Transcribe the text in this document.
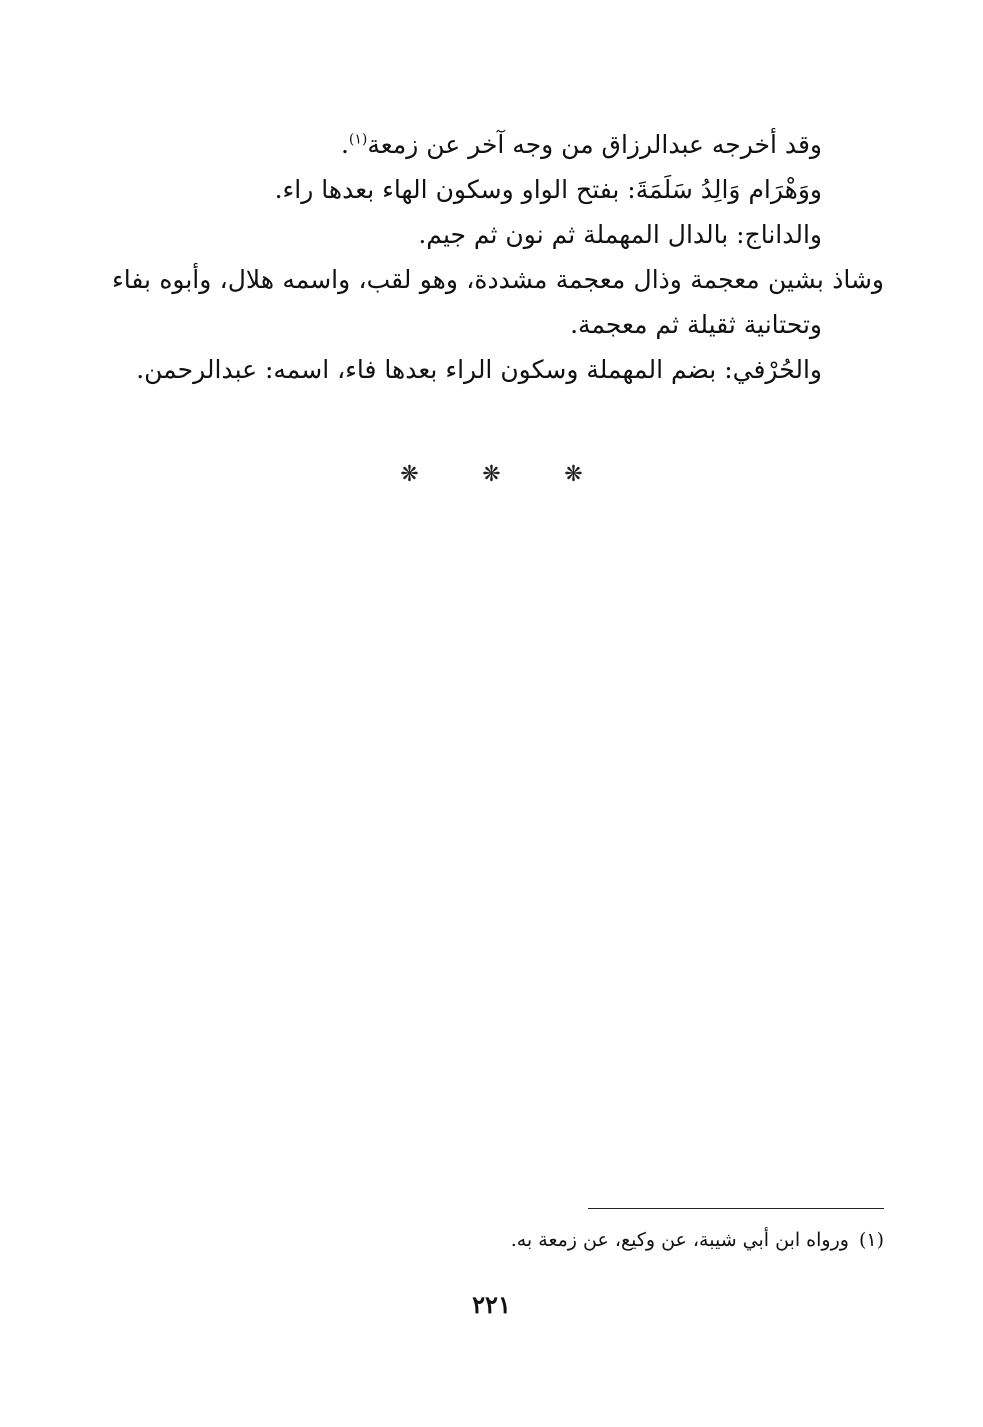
وقد أخرجه عبدالرزاق من وجه آخر عن زمعة$^{(١)}$.

ووَهْرَام وَالِدُ سَلَمَةَ: بفتح الواو وسكون الهاء بعدها راء.

والداناج: بالدال المهملة ثم نون ثم جيم.

وشاذ بشين معجمة وذال معجمة مشددة، وهو لقب، واسمه هلال، وأبوه بفاء وتحتانية ثقيلة ثم معجمة.

والحُرْفي: بضم المهملة وسكون الراء بعدها فاء، اسمه: عبدالرحمن.

❋
❋
❋
(١)ورواه ابن أبي شيبة، عن وكيع، عن زمعة به.
٢٢١
